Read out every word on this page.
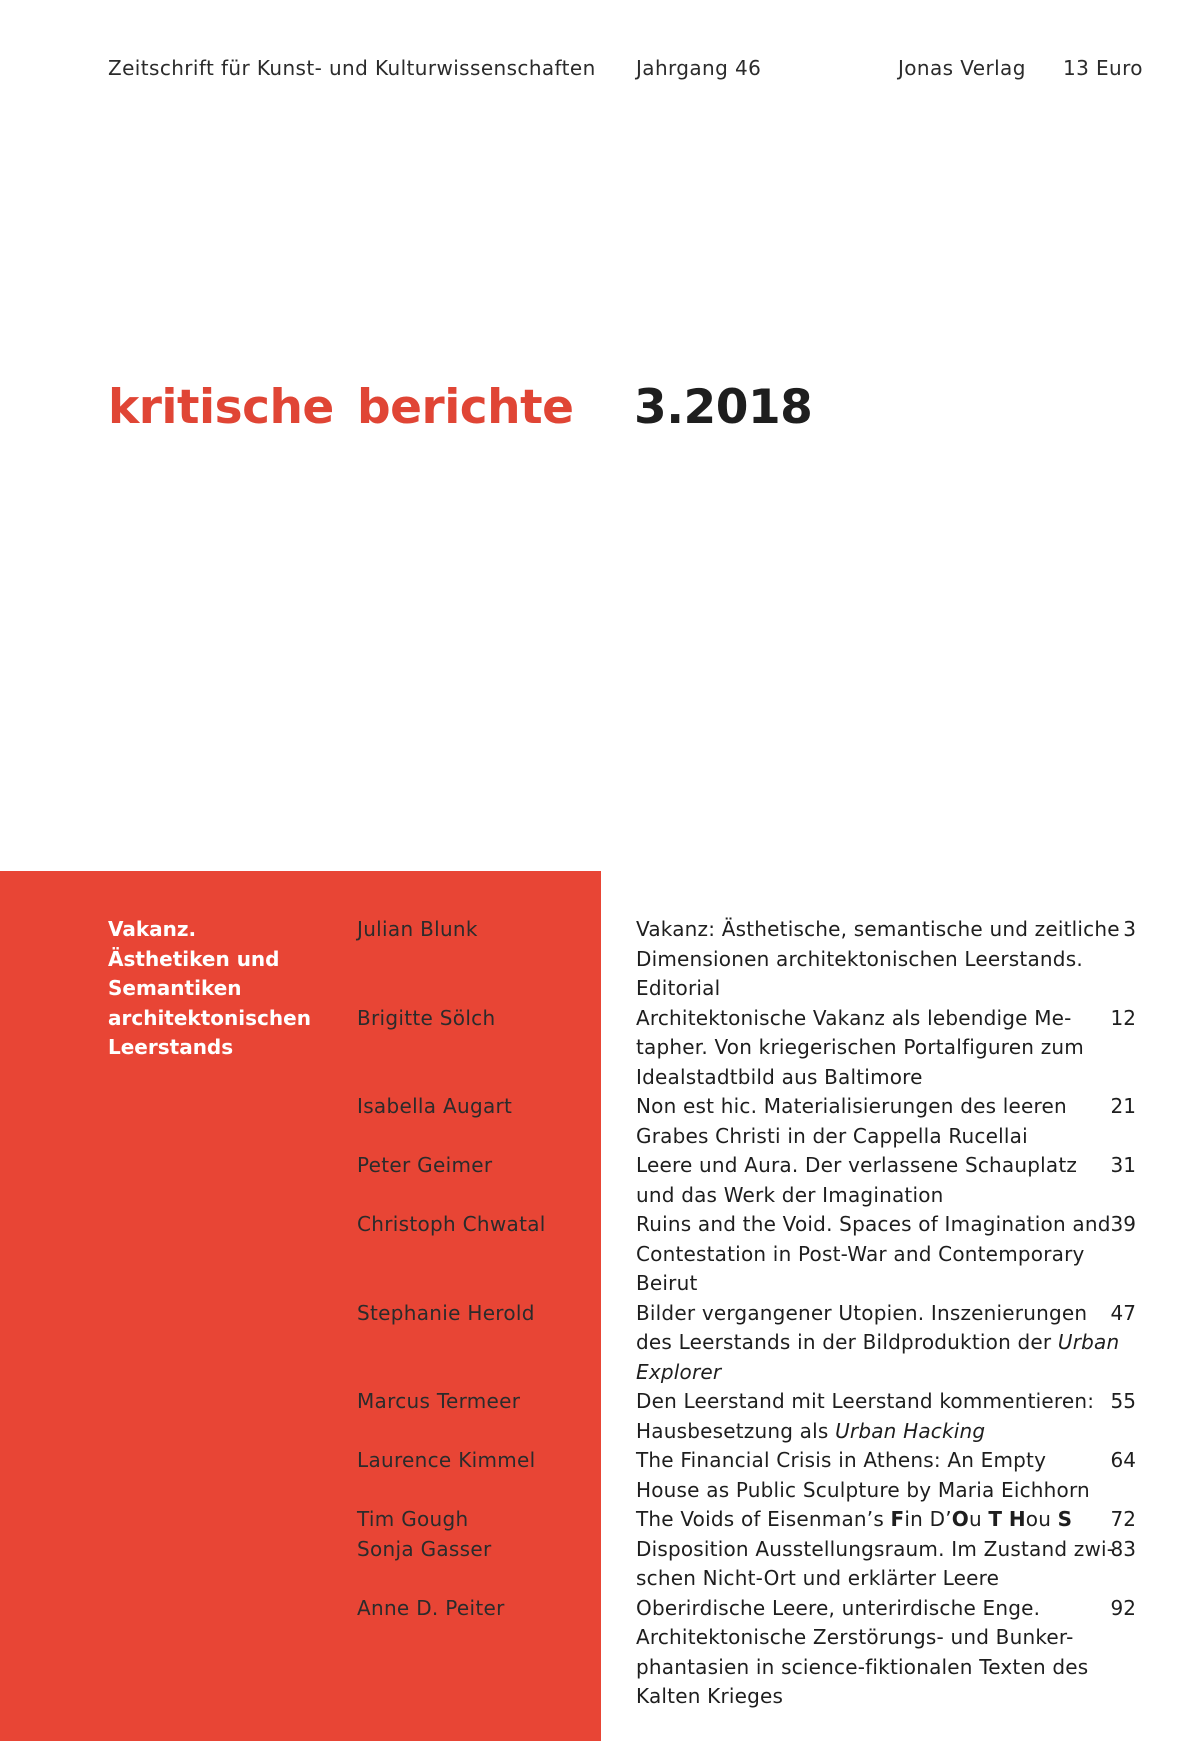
Zeitschrift für Kunst- und Kulturwissenschaften Jahrgang 46	Jonas Verlag 13 Euro
kritische berichte 3.2018
Vakanz.
Ästhetiken und
Semantiken
architektonischen
Leerstands
Julian Blunk	Vakanz: Ästhetische, semantische und zeitliche
Dimensionen architektonischen Leerstands.
Editorial
3
Brigitte Sölch	Architektonische Vakanz als lebendige Me-
tapher. Von kriegerischen Portalfiguren zum
Idealstadtbild aus Baltimore
12
Isabella Augart	Non est hic. Materialisierungen des leeren
Grabes Christi in der Cappella Rucellai
21
Peter Geimer	Leere und Aura. Der verlassene Schauplatz
und das Werk der Imagination
31
Christoph Chwatal	Ruins and the Void. Spaces of Imagination and
Contestation in Post-War and Contemporary
Beirut
39
Stephanie Herold	Bilder vergangener Utopien. Inszenierungen
des Leerstands in der Bildproduktion der Urban
Explorer
47
Marcus Termeer	Den Leerstand mit Leerstand kommentieren:
Hausbesetzung als Urban Hacking
55
Laurence Kimmel	The Financial Crisis in Athens: An Empty
House as Public Sculpture by Maria Eichhorn
64
Tim Gough	The Voids of Eisenman’s Fin D’Ou T Hou S	72
Sonja Gasser	Disposition Ausstellungsraum. Im Zustand zwi-
schen Nicht-Ort und erklärter Leere
83
Anne D. Peiter	Oberirdische Leere, unterirdische Enge.
Architektonische Zerstörungs- und Bunker-
phantasien in science-fiktionalen Texten des
Kalten Krieges
92
